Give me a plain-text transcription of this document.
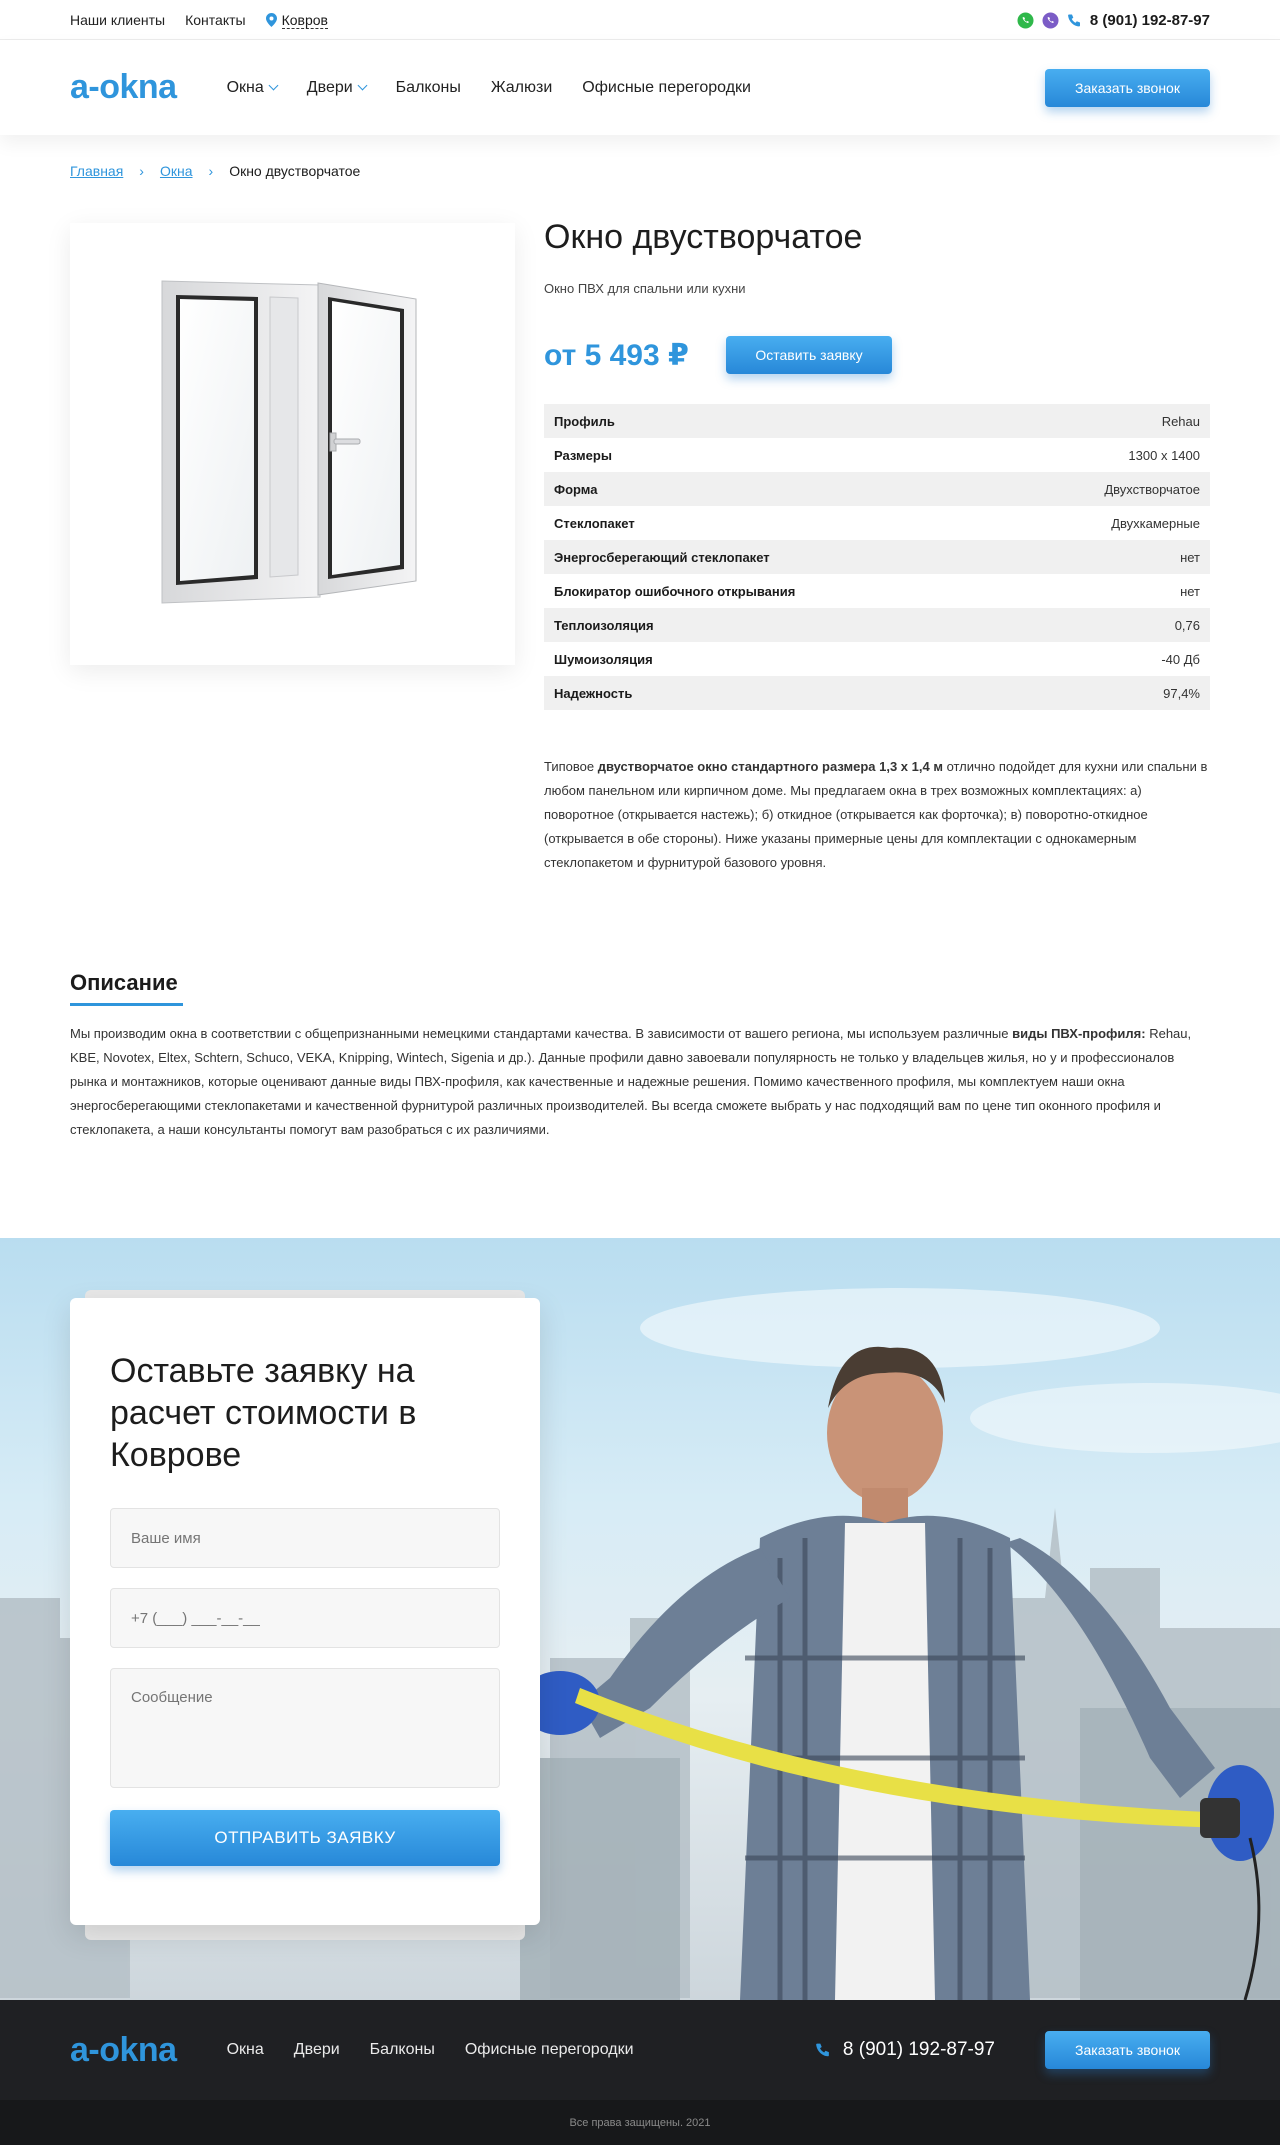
Наши клиенты Контакты	Ковров	8 (901) 192-87-97
a-okna	Окна	Двери	Балконы Жалюзи Офисные перегородки	Заказать звонок
Главная › Окна › Окно двустворчатое
Окно двустворчатое
Окно ПВХ для спальни или кухни
от 5 493 ₽	Оставить заявку
Профиль	Rehau
Размеры	1300 x 1400
Форма	Двухстворчатое
Стеклопакет	Двухкамерные
Энергосберегающий стеклопакет	нет
Блокиратор ошибочного открывания	нет
Теплоизоляция	0,76
Шумоизоляция	-40 Дб
Надежность	97,4%

Типовое двустворчатое окно стандартного размера 1,3 х 1,4 м отлично подойдет для кухни или спальни в любом панельном или кирпичном доме. Мы предлагаем окна в трех возможных комплектациях: а) поворотное (открывается настежь); б) откидное (открывается как форточка); в) поворотно-откидное (открывается в обе стороны). Ниже указаны примерные цены для комплектации с однокамерным стеклопакетом и фурнитурой базового уровня.

Описание

Мы производим окна в соответствии с общепризнанными немецкими стандартами качества. В зависимости от вашего региона, мы используем различные виды ПВХ-профиля: Rehau, KBE, Novotex, Eltex, Schtern, Schuco, VEKA, Knipping, Wintech, Sigenia и др.). Данные профили давно завоевали популярность не только у владельцев жилья, но у и профессионалов рынка и монтажников, которые оценивают данные виды ПВХ-профиля, как качественные и надежные решения. Помимо качественного профиля, мы комплектуем наши окна энергосберегающими стеклопакетами и качественной фурнитурой различных производителей. Вы всегда сможете выбрать у нас подходящий вам по цене тип оконного профиля и стеклопакета, а наши консультанты помогут вам разобраться с их различиями.

Оставьте заявку на расчет стоимости в Коврове
Ваше имя
+7 (___) ___-__-__
Сообщение
ОТПРАВИТЬ ЗАЯВКУ
a-okna	Окна Двери Балконы Офисные перегородки	8 (901) 192-87-97	Заказать звонок
Все права защищены. 2021
